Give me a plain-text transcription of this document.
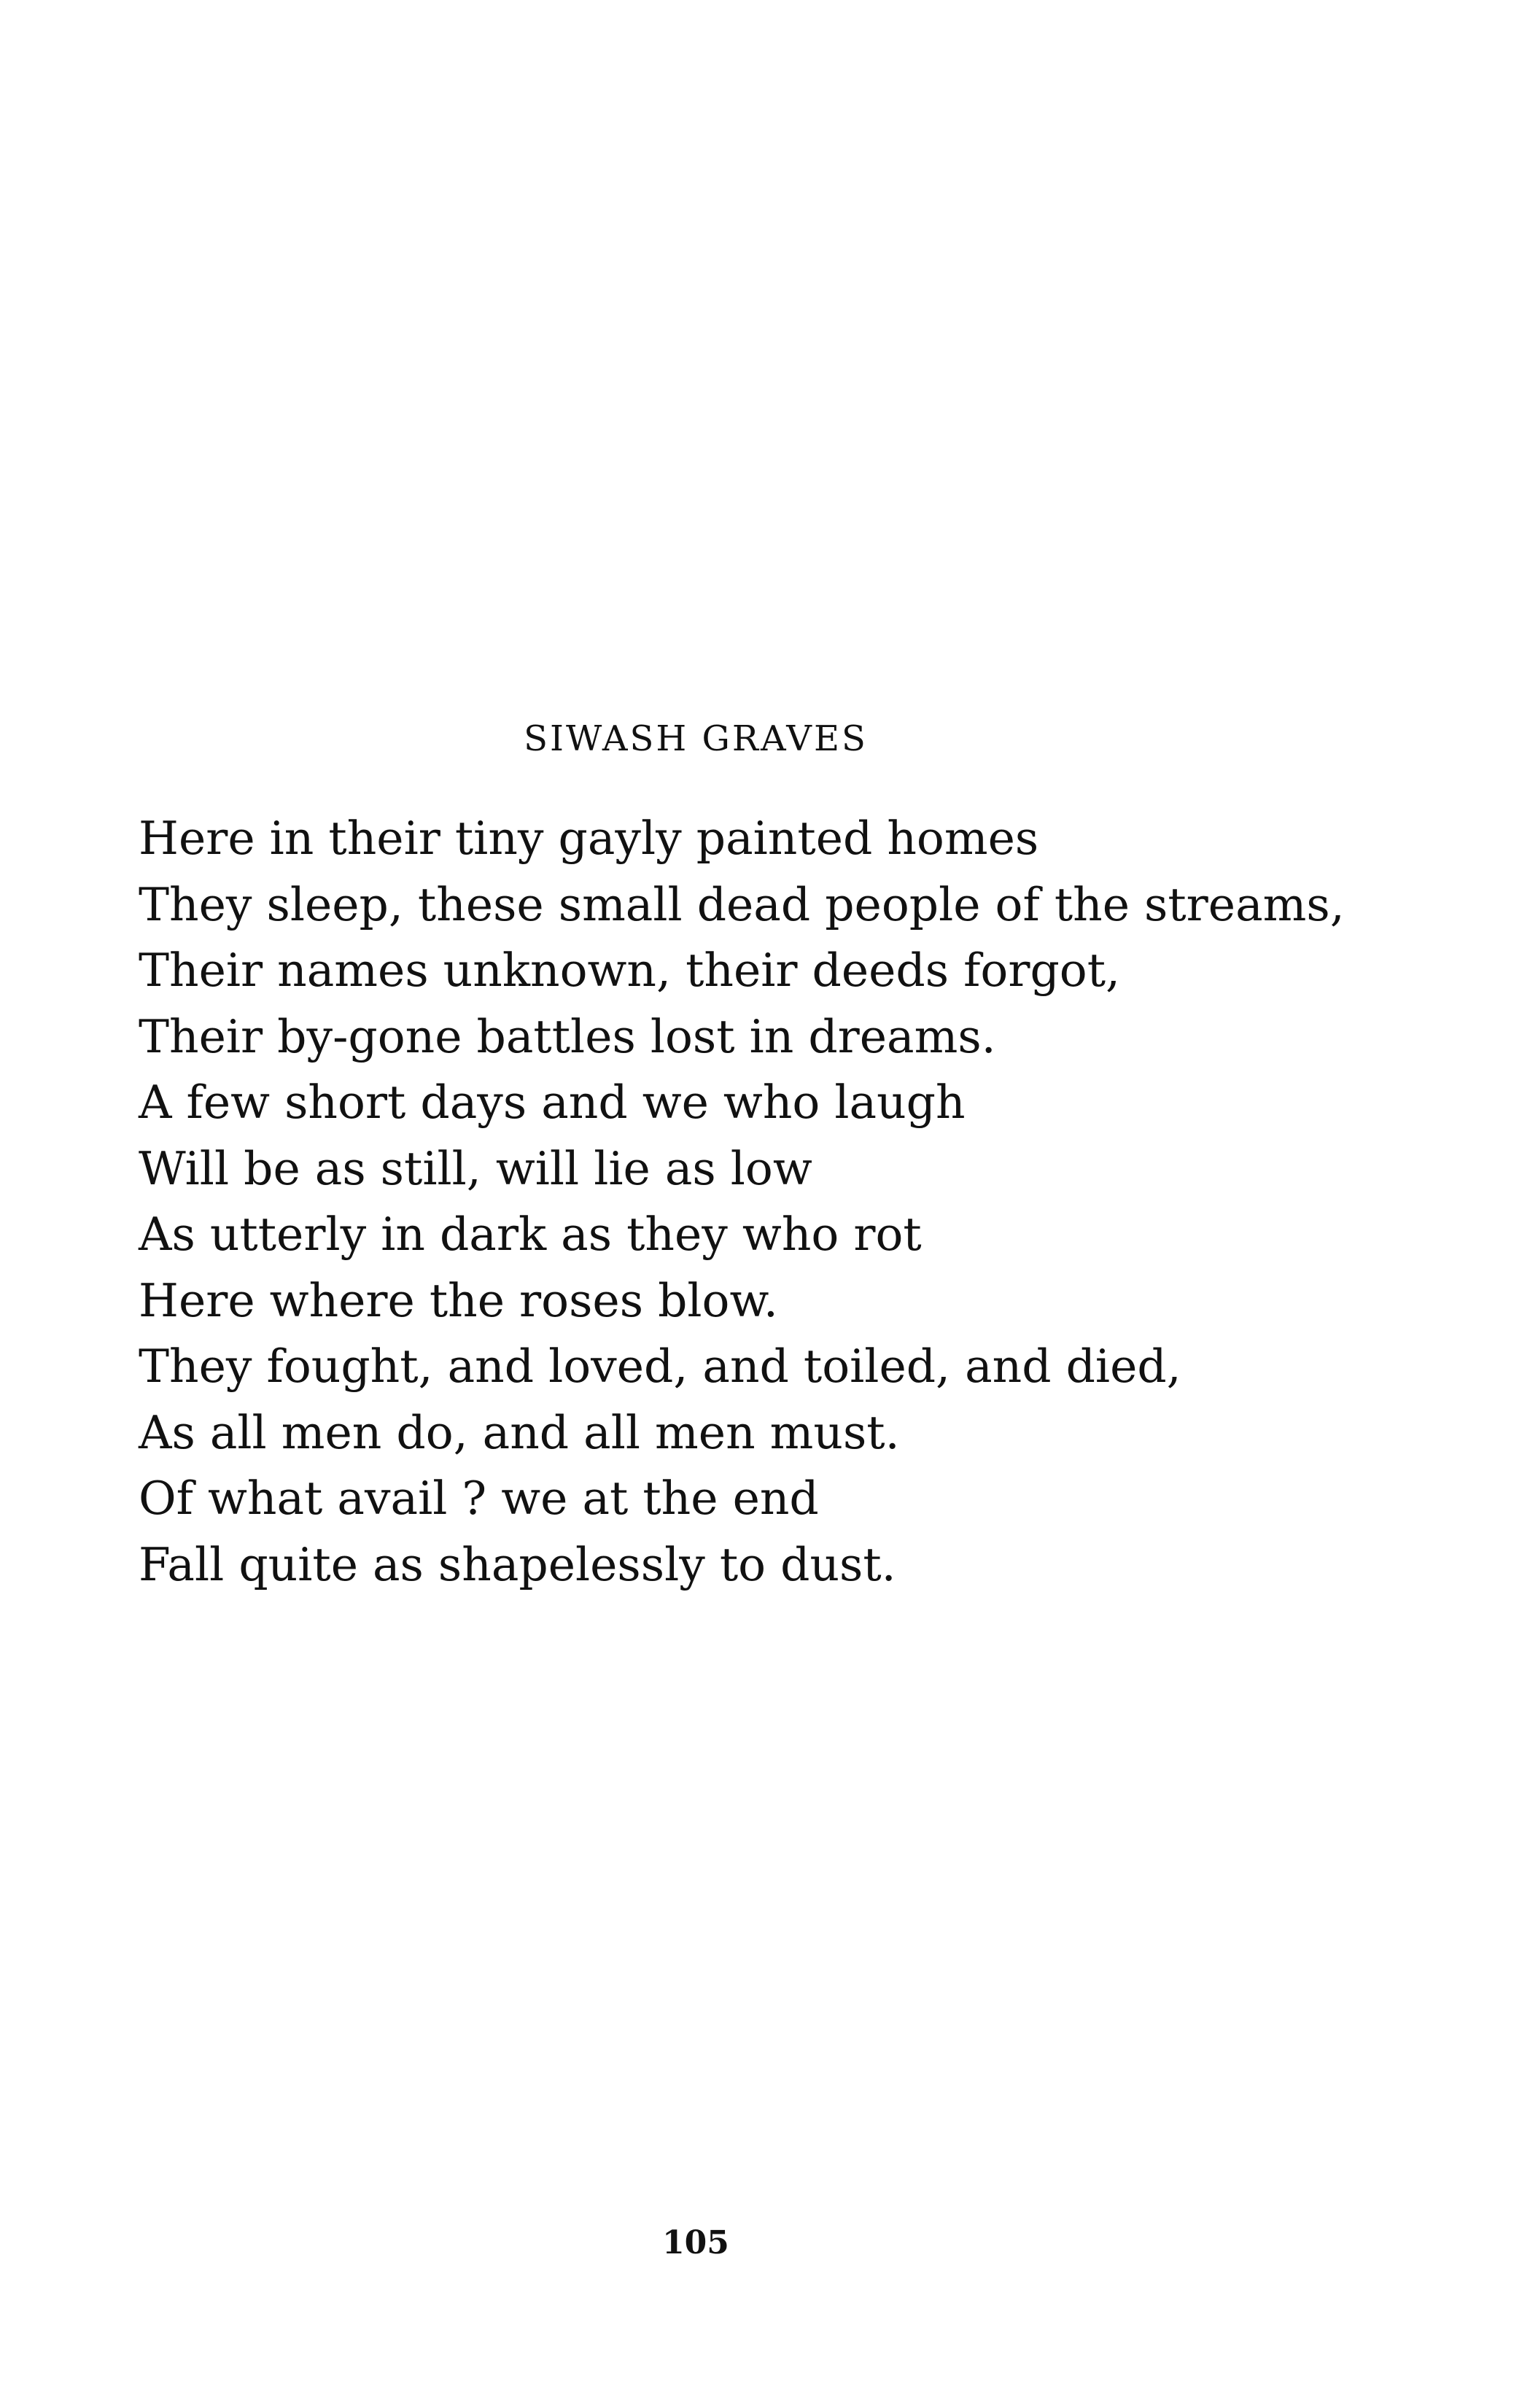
SIWASH GRAVES
Here in their tiny gayly painted homes
They sleep, these small dead people of the streams,
Their names unknown, their deeds forgot,
Their by-gone battles lost in dreams.
A few short days and we who laugh
Will be as still, will lie as low
As utterly in dark as they who rot
Here where the roses blow.
They fought, and loved, and toiled, and died,
As all men do, and all men must.
Of what avail ? we at the end
Fall quite as shapelessly to dust.
105
